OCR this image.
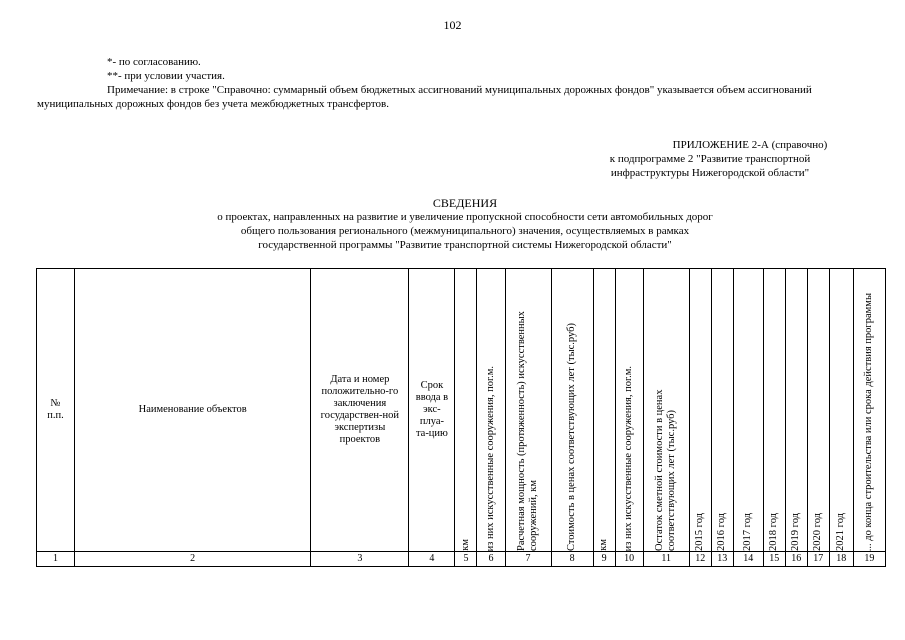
102
*- по согласованию.
**- при условии участия.
Примечание: в строке "Справочно: суммарный объем бюджетных ассигнований муниципальных дорожных фондов" указывается объем ассигнований муниципальных дорожных фондов без учета межбюджетных трансфертов.
ПРИЛОЖЕНИЕ 2-А (справочно)
к подпрограмме 2 "Развитие транспортной
инфраструктуры Нижегородской области"
СВЕДЕНИЯ
о проектах, направленных на развитие и увеличение пропускной способности сети автомобильных дорог
общего пользования регионального (межмуниципального) значения, осуществляемых в рамках
государственной программы "Развитие транспортной системы Нижегородской области"
№ п.п.	Наименование объектов	Дата и номер положительно-го заключения государствен-ной экспертизы проектов	Срок ввода в экс-плуа-та-цию	км	из них искусственные сооружения, пог.м.	Расчетная мощность (протяженность) искусственных сооружений, км	Стоимость в ценах соответствующих лет (тыс.руб)	км	из них искусственные сооружения, пог.м.	Остаток сметной стоимости в ценах соответствующих лет (тыс.руб)	2015 год	2016 год	2017 год	2018 год	2019 год	2020 год	2021 год	... до конца строительства или срока действия программы

1	2	3	4	5	6	7	8	9	10	11	12	13	14	15	16	17	18	19
